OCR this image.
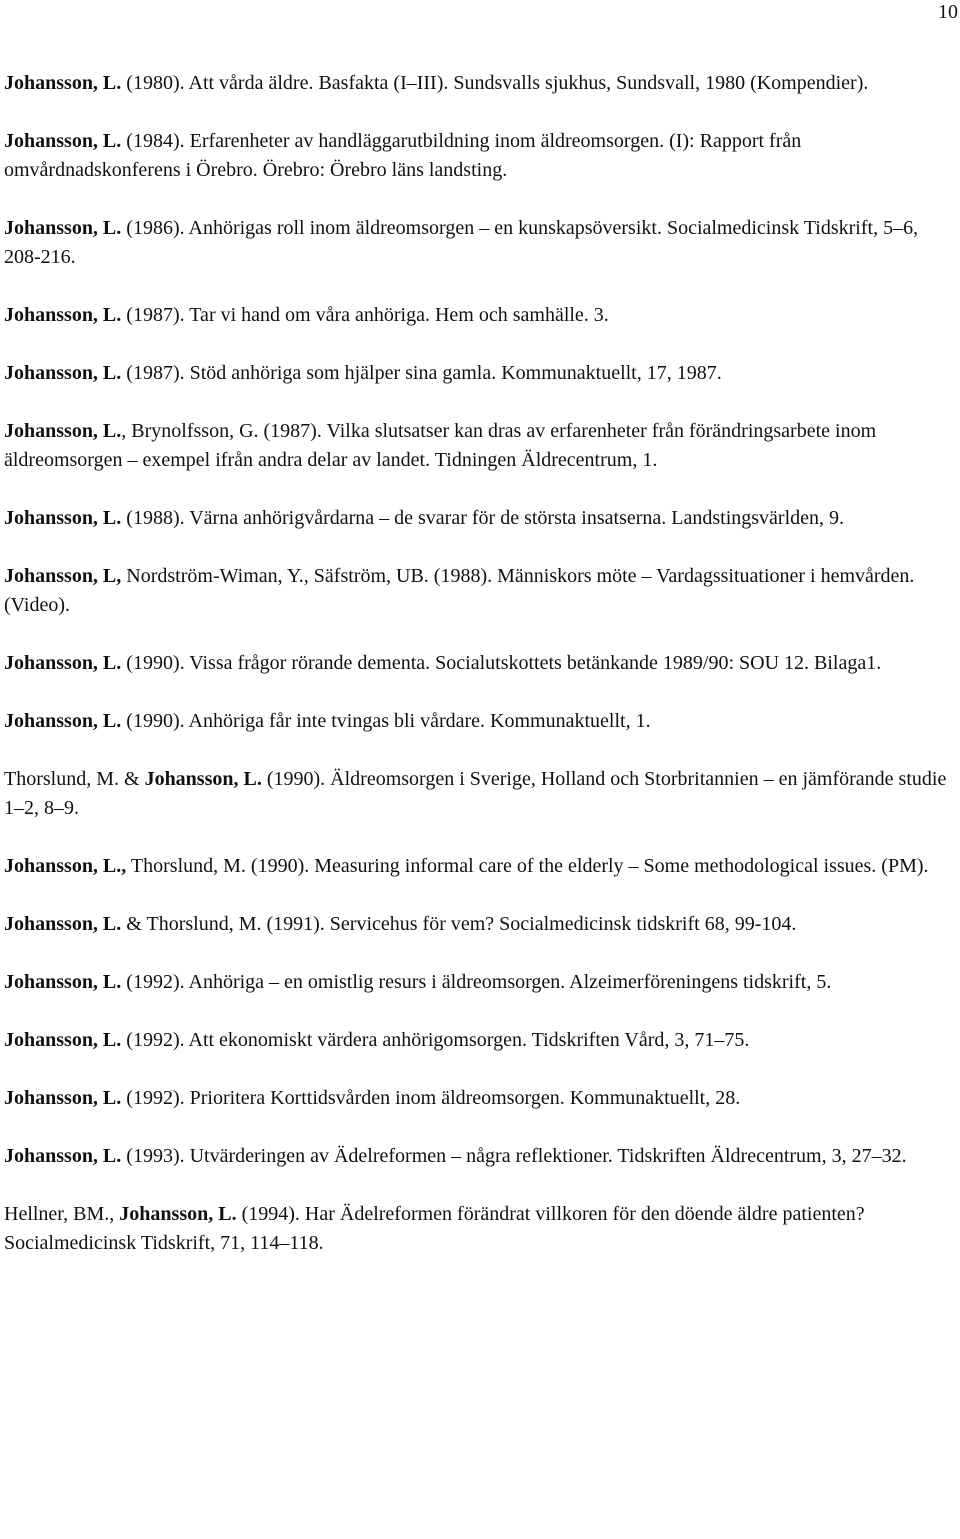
10

Johansson, L. (1980). Att vårda äldre. Basfakta (I–III). Sundsvalls sjukhus, Sundsvall, 1980 (Kompendier).

Johansson, L. (1984). Erfarenheter av handläggarutbildning inom äldreomsorgen. (I): Rapport från omvårdnadskonferens i Örebro. Örebro: Örebro läns landsting.

Johansson, L. (1986). Anhörigas roll inom äldreomsorgen – en kunskapsöversikt. Socialmedicinsk Tidskrift, 5–6, 208-216.

Johansson, L. (1987). Tar vi hand om våra anhöriga. Hem och samhälle. 3.

Johansson, L. (1987). Stöd anhöriga som hjälper sina gamla. Kommunaktuellt, 17, 1987.

Johansson, L., Brynolfsson, G. (1987). Vilka slutsatser kan dras av erfarenheter från förändringsarbete inom äldreomsorgen – exempel ifrån andra delar av landet. Tidningen Äldrecentrum, 1.

Johansson, L. (1988). Värna anhörigvårdarna – de svarar för de största insatserna. Landstingsvärlden, 9.

Johansson, L, Nordström-Wiman, Y., Säfström, UB. (1988). Människors möte – Vardagssituationer i hemvården. (Video).

Johansson, L. (1990). Vissa frågor rörande dementa. Socialutskottets betänkande 1989/90: SOU 12. Bilaga1.

Johansson, L. (1990). Anhöriga får inte tvingas bli vårdare. Kommunaktuellt, 1.

Thorslund, M. & Johansson, L. (1990). Äldreomsorgen i Sverige, Holland och Storbritannien – en jämförande studie 1–2, 8–9.

Johansson, L., Thorslund, M. (1990). Measuring informal care of the elderly – Some methodological issues. (PM).

Johansson, L. & Thorslund, M. (1991). Servicehus för vem? Socialmedicinsk tidskrift 68, 99-104.

Johansson, L. (1992). Anhöriga – en omistlig resurs i äldreomsorgen. Alzeimerföreningens tidskrift, 5.

Johansson, L. (1992). Att ekonomiskt värdera anhörigomsorgen. Tidskriften Vård, 3, 71–75.

Johansson, L. (1992). Prioritera Korttidsvården inom äldreomsorgen. Kommunaktuellt, 28.

Johansson, L. (1993). Utvärderingen av Ädelreformen – några reflektioner. Tidskriften Äldrecentrum, 3, 27–32.

Hellner, BM., Johansson, L. (1994). Har Ädelreformen förändrat villkoren för den döende äldre patienten? Socialmedicinsk Tidskrift, 71, 114–118.
